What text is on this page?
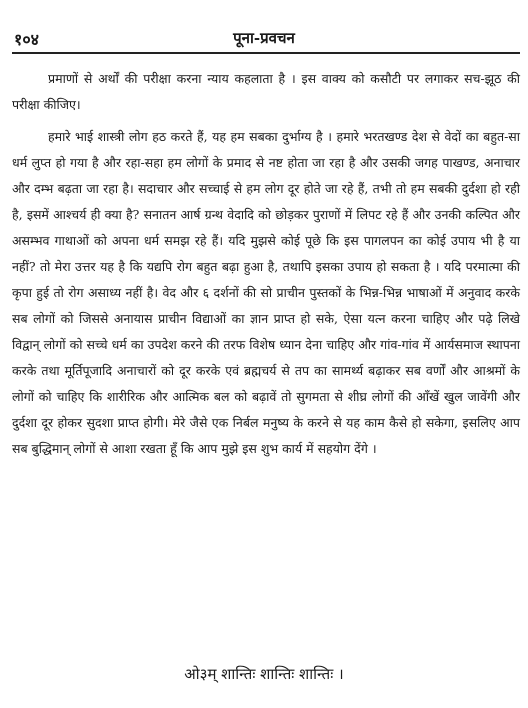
१०४	पूना-प्रवचन

प्रमाणों से अर्थों की परीक्षा करना न्याय कहलाता है । इस वाक्य को कसौटी पर लगाकर सच-झूठ की परीक्षा कीजिए।

हमारे भाई शास्त्री लोग हठ करते हैं, यह हम सबका दुर्भाग्य है । हमारे भरतखण्ड देश से वेदों का बहुत-सा धर्म लुप्त हो गया है और रहा-सहा हम लोगों के प्रमाद से नष्ट होता जा रहा है और उसकी जगह पाखण्ड, अनाचार और दम्भ बढ़ता जा रहा है। सदाचार और सच्चाई से हम लोग दूर होते जा रहे हैं, तभी तो हम सबकी दुर्दशा हो रही है, इसमें आश्चर्य ही क्या है? सनातन आर्ष ग्रन्थ वेदादि को छोड़कर पुराणों में लिपट रहे हैं और उनकी कल्पित और असम्भव गाथाओं को अपना धर्म समझ रहे हैं। यदि मुझसे कोई पूछे कि इस पागलपन का कोई उपाय भी है या नहीं? तो मेरा उत्तर यह है कि यद्यपि रोग बहुत बढ़ा हुआ है, तथापि इसका उपाय हो सकता है । यदि परमात्मा की कृपा हुई तो रोग असाध्य नहीं है। वेद और ६ दर्शनों की सो प्राचीन पुस्तकों के भिन्न-भिन्न भाषाओं में अनुवाद करके सब लोगों को जिससे अनायास प्राचीन विद्याओं का ज्ञान प्राप्त हो सके, ऐसा यत्न करना चाहिए और पढ़े लिखे विद्वान् लोगों को सच्चे धर्म का उपदेश करने की तरफ विशेष ध्यान देना चाहिए और गांव-गांव में आर्यसमाज स्थापना करके तथा मूर्तिपूजादि अनाचारों को दूर करके एवं ब्रह्मचर्य से तप का सामर्थ्य बढ़ाकर सब वर्णों और आश्रमों के लोगों को चाहिए कि शारीरिक और आत्मिक बल को बढ़ावें तो सुगमता से शीघ्र लोगों की आँखें खुल जावेंगी और दुर्दशा दूर होकर सुदशा प्राप्त होगी। मेरे जैसे एक निर्बल मनुष्य के करने से यह काम कैसे हो सकेगा, इसलिए आप सब बुद्धिमान् लोगों से आशा रखता हूँ कि आप मुझे इस शुभ कार्य में सहयोग देंगे ।

ओ३म् शान्तिः शान्तिः शान्तिः ।
